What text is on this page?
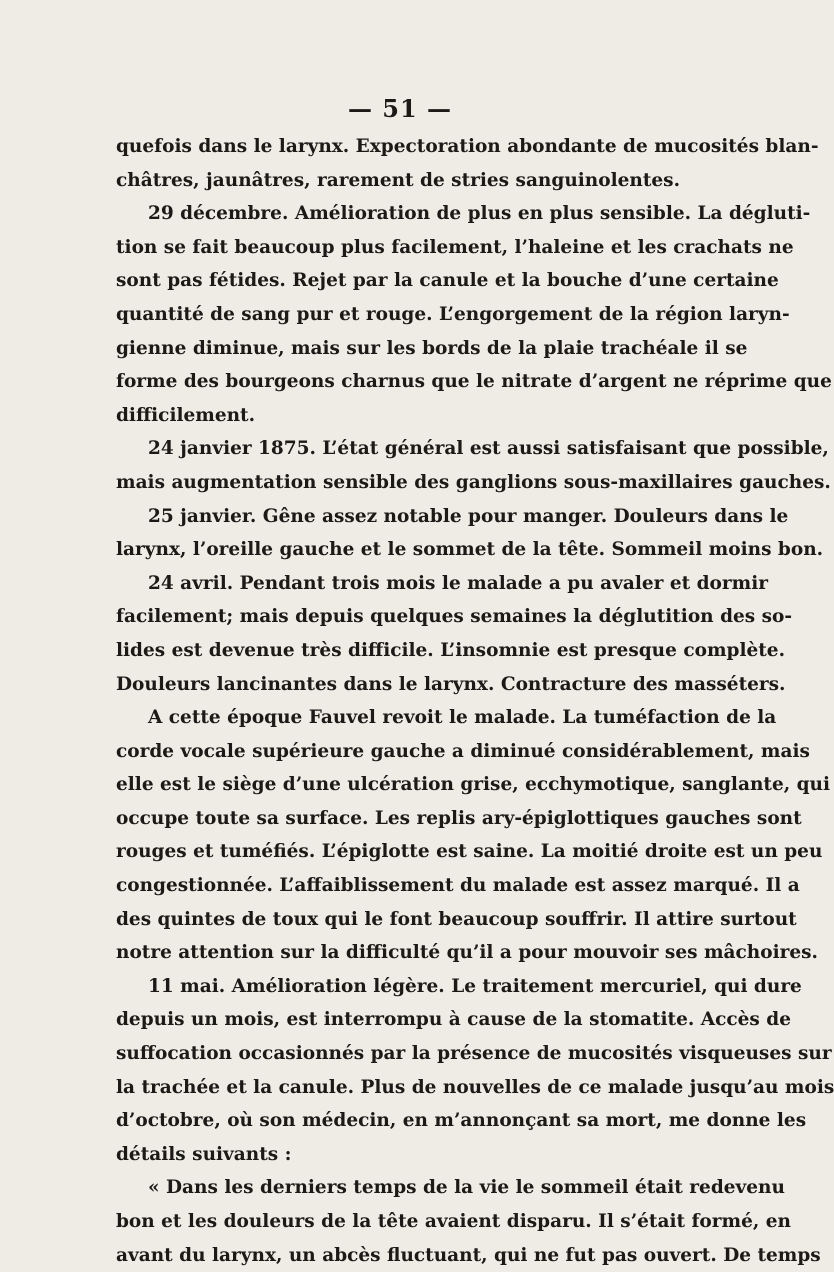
— 51 —
quefois dans le larynx. Expectoration abondante de mucosités blan-
châtres, jaunâtres, rarement de stries sanguinolentes.
29 décembre. Amélioration de plus en plus sensible. La dégluti-
tion se fait beaucoup plus facilement, l’haleine et les crachats ne
sont pas fétides. Rejet par la canule et la bouche d’une certaine
quantité de sang pur et rouge. L’engorgement de la région laryn-
gienne diminue, mais sur les bords de la plaie trachéale il se
forme des bourgeons charnus que le nitrate d’argent ne réprime que
difficilement.
24 janvier 1875. L’état général est aussi satisfaisant que possible,
mais augmentation sensible des ganglions sous-maxillaires gauches.
25 janvier. Gêne assez notable pour manger. Douleurs dans le
larynx, l’oreille gauche et le sommet de la tête. Sommeil moins bon.
24 avril. Pendant trois mois le malade a pu avaler et dormir
facilement; mais depuis quelques semaines la déglutition des so-
lides est devenue très difficile. L’insomnie est presque complète.
Douleurs lancinantes dans le larynx. Contracture des masséters.
A cette époque Fauvel revoit le malade. La tuméfaction de la
corde vocale supérieure gauche a diminué considérablement, mais
elle est le siège d’une ulcération grise, ecchymotique, sanglante, qui
occupe toute sa surface. Les replis ary-épiglottiques gauches sont
rouges et tuméfiés. L’épiglotte est saine. La moitié droite est un peu
congestionnée. L’affaiblissement du malade est assez marqué. Il a
des quintes de toux qui le font beaucoup souffrir. Il attire surtout
notre attention sur la difficulté qu’il a pour mouvoir ses mâchoires.
11 mai. Amélioration légère. Le traitement mercuriel, qui dure
depuis un mois, est interrompu à cause de la stomatite. Accès de
suffocation occasionnés par la présence de mucosités visqueuses sur
la trachée et la canule. Plus de nouvelles de ce malade jusqu’au mois
d’octobre, où son médecin, en m’annonçant sa mort, me donne les
détails suivants :
« Dans les derniers temps de la vie le sommeil était redevenu
bon et les douleurs de la tête avaient disparu. Il s’était formé, en
avant du larynx, un abcès fluctuant, qui ne fut pas ouvert. De temps
